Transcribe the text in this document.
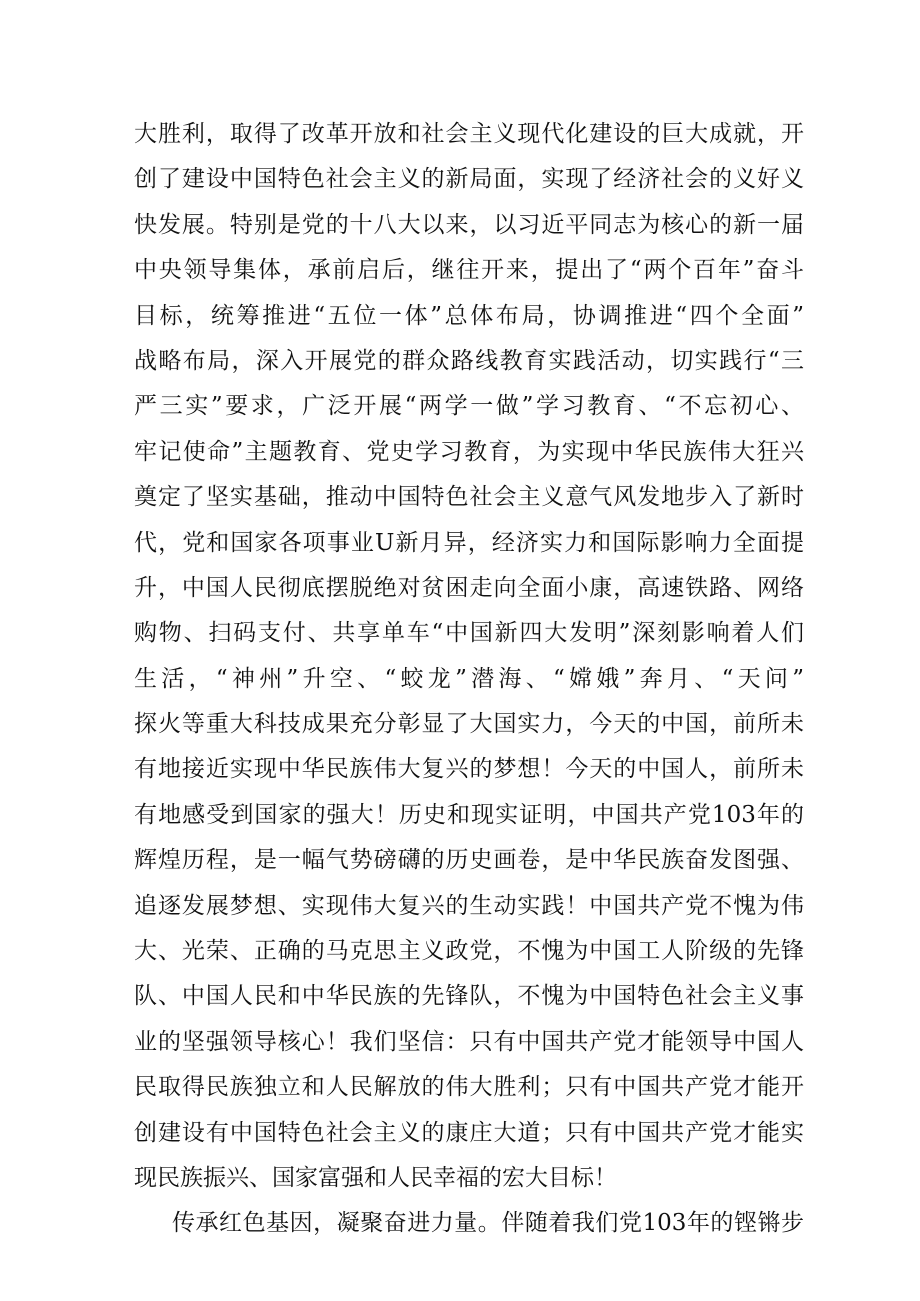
大胜利，取得了改革开放和社会主义现代化建设的巨大成就，开
创了建设中国特色社会主义的新局面，实现了经济社会的义好义
快发展。特别是党的十八大以来，以习近平同志为核心的新一届
中央领导集体，承前启后，继往开来，提出了“两个百年”奋斗
目标，统筹推进“五位一体”总体布局，协调推进“四个全面”
战略布局，深入开展党的群众路线教育实践活动，切实践行“三
严三实”要求，广泛开展“两学一做”学习教育、“不忘初心、
牢记使命”主题教育、党史学习教育，为实现中华民族伟大狂兴
奠定了坚实基础，推动中国特色社会主义意气风发地步入了新时
代，党和国家各项事业U新月异，经济实力和国际影响力全面提
升，中国人民彻底摆脱绝对贫困走向全面小康，高速铁路、网络
购物、扫码支付、共享单车“中国新四大发明”深刻影响着人们
生活，“神州”升空、“蛟龙”潜海、“嫦娥”奔月、“天问”
探火等重大科技成果充分彰显了大国实力，今天的中国，前所未
有地接近实现中华民族伟大复兴的梦想！今天的中国人，前所未
有地感受到国家的强大！历史和现实证明，中国共产党103年的
辉煌历程，是一幅气势磅礴的历史画卷，是中华民族奋发图强、
追逐发展梦想、实现伟大复兴的生动实践！中国共产党不愧为伟
大、光荣、正确的马克思主义政党，不愧为中国工人阶级的先锋
队、中国人民和中华民族的先锋队，不愧为中国特色社会主义事
业的坚强领导核心！我们坚信：只有中国共产党才能领导中国人
民取得民族独立和人民解放的伟大胜利；只有中国共产党才能开
创建设有中国特色社会主义的康庄大道；只有中国共产党才能实
现民族振兴、国家富强和人民幸福的宏大目标！
传承红色基因，凝聚奋进力量。伴随着我们党103年的铿锵步
